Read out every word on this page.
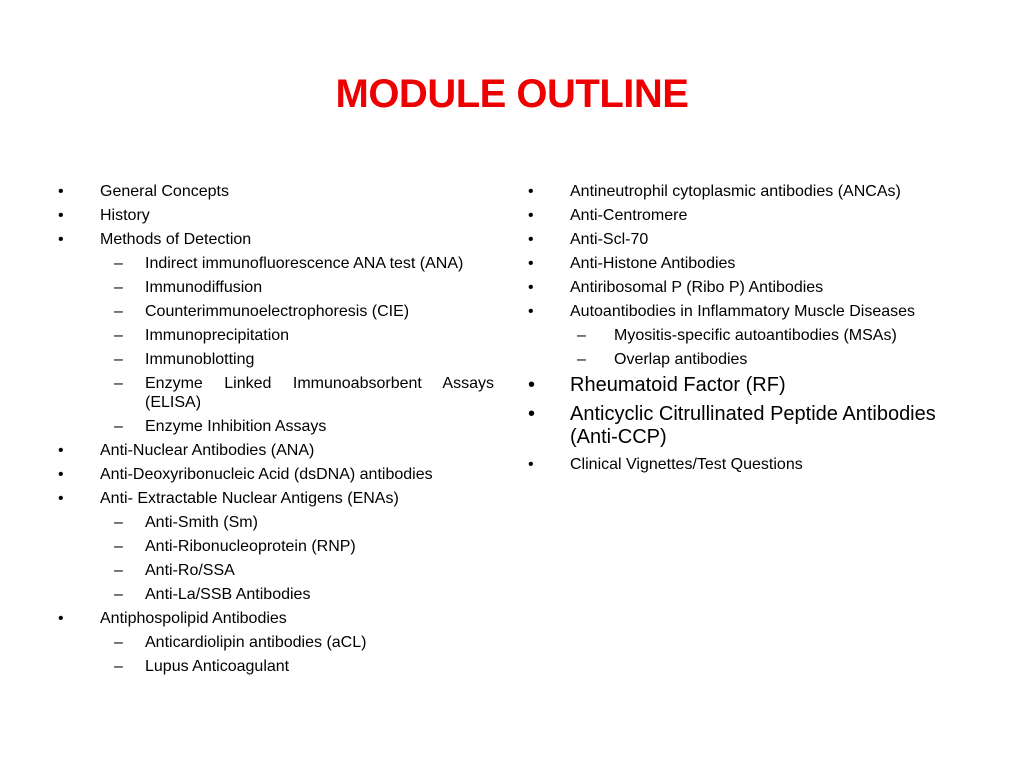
MODULE OUTLINE
• General Concepts
• History
• Methods of Detection
– Indirect immunofluorescence ANA test (ANA)
– Immunodiffusion
– Counterimmunoelectrophoresis (CIE)
– Immunoprecipitation
– Immunoblotting
– Enzyme Linked Immunoabsorbent Assays (ELISA)
– Enzyme Inhibition Assays
• Anti-Nuclear Antibodies (ANA)
• Anti-Deoxyribonucleic Acid (dsDNA) antibodies
• Anti- Extractable Nuclear Antigens (ENAs)
– Anti-Smith (Sm)
– Anti-Ribonucleoprotein (RNP)
– Anti-Ro/SSA
– Anti-La/SSB Antibodies
• Antiphospolipid Antibodies
– Anticardiolipin antibodies (aCL)
– Lupus Anticoagulant
• Antineutrophil cytoplasmic antibodies (ANCAs)
• Anti-Centromere
• Anti-Scl-70
• Anti-Histone Antibodies
• Antiribosomal P (Ribo P) Antibodies
• Autoantibodies in Inflammatory Muscle Diseases
– Myositis-specific autoantibodies (MSAs)
– Overlap antibodies
• Rheumatoid Factor (RF)
• Anticyclic Citrullinated Peptide Antibodies (Anti-CCP)
• Clinical Vignettes/Test Questions
